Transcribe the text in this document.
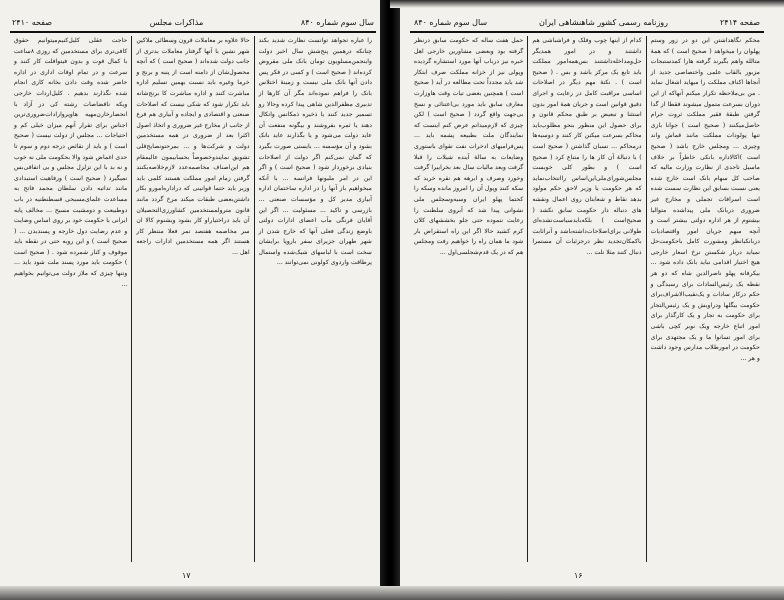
سال سوم شماره ۸۴۰
مذاکرات مجلس
صفحه ۲۴۱۰

را عباره تجواهد توانست نظارت شدید بکند چنانکه درهمین پنج‌شش سال اخیر دولت واینجمن‌مسلویون تومان بانک ملی مقروض کرده‌اند ( صحیح است ) و کسی در فکر پس دادن آنها بانک ملی نیست و زمینهٔ اختلاس بانک را فراهم نموده‌اند مگر آن کارها از تدبیری مظفرالدین شاهی پیدا کرده وحالا رو تسمیر جدید کنند یا ذخیره ذمکانس واتکال دهند یا ثمره بفروشند و بیگونه منفعت آن عاید دولت می‌شود و یا بگذارند عاید بانک بشود و آن مؤسسه ... بایستی صورت بگیرد که گمان نمی‌کنم اگر دولت از اصلاحات بنیادی برخوردار شود ( صحیح است ) و اگر این در امر ملیونها فرانسه ... با آنکه میخواهیم باز آنها را در اداره ساختمان اداره آبیاری مدیر کل و مؤسسات صنعتی ... بازرسی و تاکید ... مسئولیت ... اگر این آقایان فرنگی مآب اعضای ادارات دولتی باوضع زندگی فعلی آنها که خارج شدن از شهر طهران جزیرای سفر باروپا برایشان سخت است با لباسهای شیک‌شده واستمال پرطاقت واردوی کولونی نمی‌توانند ...

حالا علاوه بر معاملات قرون وسطائی ملاکین شهر نشین با آنها گرفتار معاملات بدتری از جانب دولت شده‌اند ( صحیح است ) که آنچه محصول‌شان از دامنه است از پنبه و برنج و خرما وغیره باید نسبت بهمین تسلیم اداره مباشرت کنند و اداره مباشرت کا برنج‌شانه باید تکرار شود که شکی نیست که اصلاحات صنعتی و اقتصادی و ایجاده و آبیاری هم فرع از جانب از مخارج غیر ضروری و اتخاذ اصول اکثرا بعد از ضروری در همه مستخدمین دولت و شرکت‌ها و ... بمرحتونصایح‌قلی تشویق نمایند‌وخصوصاً‌ بحسابیمون عالیمقام هم این‌اصناف مخاصمه‌عدد لازم‌خلاصه‌بکنند گرفتن زمام امور مملکت هستند کلمی باید وزیر باید حتما قوانینی که دراداره‌امورو بکار داشتن‌بعضی طبقات میکند مرخ گردد مانند قانون مترولمستخدمین کشاورزی‌التحصیلان آن باید دراختیاراو کار بشود ویشنوم کالا ان سر مخاصمه هفتصد تمر فعلا منتظر کار هستند اگر همه مستخدمین ادارات راجعه اهل ...

حاجت عقلی کلیل‌کنیم‌میتوانیم حقوق کافی‌تری برای مستخدمین که روزی ۸ساعت با کمال قوت و بدون فیتوافلت کار کنند و سرعت و در تمام اوقات اداری در اداره حاضر شده وقت دادن بخانه کاری انجام شده نگذارند بدهیم . کلیل‌اردات خارجی ویکه ناقضاصات‌ رشته‌ کی در آزاد با انحصارخارن‌مهیه هاوپروارادات‌ضروری‌ترین اجناس برای تقرار آنهم میزان خیلی کم و احتیاجات ... مجلس از دولت نیست ( صحیح است ) و باید از نقائص درجه دوم و سوم تا حدی اغماض شود والا بحکومت ملی نه خوب و نه بد با این تزلزل مجلس و بی اتفاقی‌بس نمیگیرد ( صحیح است ) ورفاهیت استبدادی مانند تداتبه دادن سلطان محمد فاتح به مساعدت علمای‌مسیحی قسطنطنیه در باب دوطبیعت و دومشیت مسیح ... مخالف پایه ایرانی با حکومت خود بر روی اساس وضایت و عدم رضایت دول خارجه و پسندیدن ... ( صحیح است ) و این روبه حتی در نقطه باید موقوف و کنار شمرده شود . ( صحیح است ) حکومت باید مورد پسند ملت شود باید ... وتنها چیزی که ملاز دولت می‌توانیم بخواهیم ...

۱۷
صفحه ۲۴۱۴
روزنامه رسمی کشور شاهنشاهی ایران
سال سوم شماره ۸۴۰

محکم نگاهداشتن این دو در زور وستم پهلوان را میخواهد ( صحیح است ) که همهٔ متالله واهم بگیرند گرفته هارا کمدستبجات مزبور بالقاب علمی واختصاصی جدید از آنجاها اکناف مملکت را میهاید اشغال نماید . من بی‌ملاحظه تکرار میکنم آنهاکه از این دوران بسرعت متمول میشوند فقطا از گدا گرفتن طبقهٔ فقیر مملکت ثروت حرام حاصل‌میکنند ( صحیح است ) جوانا بازی تنها پولودات مملکت مانند قماش واند وچیزی ... ومجلس خارج باشد ( صحیح است )اکالاداره بانکی خاطراً بر خلاف ماسیل تاحدی از نظارت وزارت مالیه که صاحب کل سهام بانک است خارج شده یعنی نسبت بسابق این نظارت سست شده است اسرافات تجملی و مخارج غیر ضروری دربانک ملی پیداشده متوالیا بیشتوم از هر اداره دولتی بیشتر است و آنچه مبهم جریان امور واقتصادیات دربانکبانظر ومشورت کامل باحکومت‌حل نمیاید دربار شکستن نرخ اسعار خارجی هیچ اختیار اقدامی نباید بانک داده شود ... بیکرفانه پهلو ناصرالدین شاه که دو هر نقطه یک رئیس‌السادات برای رسیدگی و حکم درکار سادات و یک‌نقیب‌الاشراف‌برای حکومت بیگلها ودراویش و یک رئیس‌التجار برای حکومت به تجار و یک کارگذار برای امور اتباع خارجه ویک نوبر کچی باشی برای امور تسانوا ما و یک مجتهدی برای حکومت در امورطلاب مدارس وجود داشت و هر ...

کدام از اینها چوب وفلک و فراشباشی هم داشتند و در امور همدیگر حل‌ومداخله‌داشتنند بس‌همه‌امور مملکت باید تابع یک مرکز باشد و بس . ( صحیح است ) . نکتهٔ مهم دیگر در اصلاحات اساسی مراقبت کامل در رعایت و اجرای دقیق قوانین است و جریان همهٔ امور بدون استثنا و تبعیض بر طبق محکم قانون و برای حصول این منظور بنحو مطلوب‌باید محاکم بسرعت میکنن کار کنند و دوسیه‌ها درمحاکم ... نسبان گذاشتن ( صحیح است ) با دنبالهٔ آن کار ها را متناع کرد ( صحیح است ) و بطور کلی خوبست مجلس‌شورای‌ملی‌این‌اساس را‌انتخاب‌نماید که هر حکومت یا وزیر لاحق حکم مولود بدهد نقاط و شعابتان روی اعمال ونقشه های دنباله دار حکومت سابق نکشد ( صحیح‌است ) بلکه‌باید‌سیاست‌نشده‌ای طولانی برای‌اصلاحات‌داشته‌باشد و آنرا‌ثابت باکمکان‌تجدید نظر درجزئیات آن مستمرا دنبال کنند مثلا تلت ...

حمل هفت ساله که حکومت سابق درنظر گرفته بود وبعضی مشاورین خارجی اهل خبره نیز درباب آنها مورد استشاره گردیده وپولی نیز از خزانه مملکت صرف ابتکار شد باید مجدداً تحت مطالعه در آید ( صحیح است ) همچنین بعضی تیات وقت هاوزارت معارف سابق باید مورد بی‌اعتنائی و نسخ بی‌جهت واقع گردد ( صحیح است ) لکن چیزی که لازم‌میدانم عرض کنم اینست که نمایندگان ملت بطبیعه پشمه باید ... پس‌فرامیهای ادخرات نفت تقوای باستوری وضایعات به سالهٔ آینده شیلات را قبلا گرفت ویعد مالیات سال بعد بخرایبرا گرفت وخورد وصرف و ابرهه هم نقره خرید که سکه کنند وپول آن را امروز مانده وسکه را کحتما پهلو ایران وسیه‌وسجلس ملی نشوانی پیدا شد که آبروی سلطنت را رعایت ننموده حتی جلو بخششهای کلان کرم کشید حالا اگر این راه استقراض بار شود ما همان راه را خواهیم رفت ومجلس هم که در یک قدم‌شجلسی‌اول ...

۱۶
